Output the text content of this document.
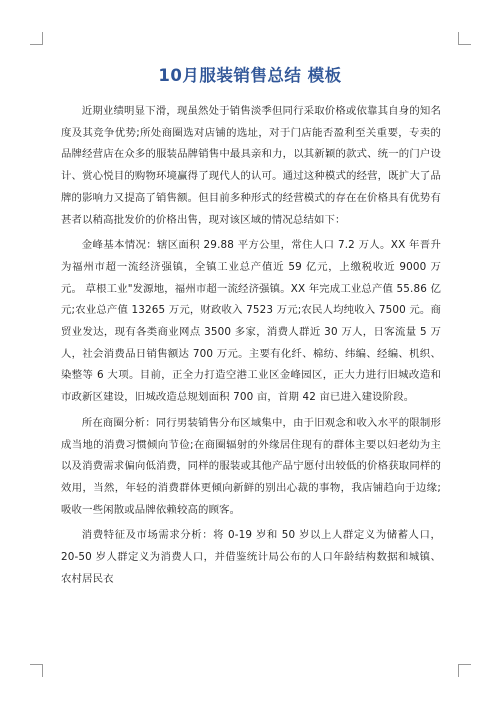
10月服装销售总结 模板

近期业绩明显下滑，现虽然处于销售淡季但同行采取价格或依靠其自身的知名度及其竞争优势;所处商圈选对店铺的选址，对于门店能否盈利至关重要，专卖的品牌经营店在众多的服装品牌销售中最具亲和力，以其新颖的款式、统一的门户设计、赏心悦目的购物环境赢得了现代人的认可。通过这种模式的经营，既扩大了品牌的影响力又提高了销售额。但目前多种形式的经营模式的存在在价格具有优势有甚者以稍高批发价的价格出售，现对该区域的情况总结如下：

金峰基本情况：辖区面积 29.88 平方公里，常住人口 7.2 万人。XX 年晋升为福州市超一流经济强镇，全镇工业总产值近 59 亿元，上缴税收近 9000 万元。 草根工业"发源地，福州市超一流经济强镇。XX 年完成工业总产值 55.86 亿元;农业总产值 13265 万元，财政收入 7523 万元;农民人均纯收入 7500 元。商贸业发达，现有各类商业网点 3500 多家，消费人群近 30 万人，日客流量 5 万人，社会消费品日销售额达 700 万元。主要有化纤、棉纺、纬编、经编、机织、染整等 6 大项。目前，正全力打造空港工业区金峰园区，正大力进行旧城改造和市政新区建设，旧城改造总规划面积 700 亩，首期 42 亩已进入建设阶段。

所在商圈分析：同行男装销售分布区域集中，由于旧观念和收入水平的限制形成当地的消费习惯倾向节俭;在商圈辐射的外缘居住现有的群体主要以妇老幼为主以及消费需求偏向低消费，同样的服装或其他产品宁愿付出较低的价格获取同样的效用，当然，年轻的消费群体更倾向新鲜的别出心裁的事物，我店铺趋向于边缘;吸收一些闲散或品牌依赖较高的顾客。

消费特征及市场需求分析：将 0-19 岁和 50 岁以上人群定义为储蓄人口，20-50 岁人群定义为消费人口，并借鉴统计局公布的人口年龄结构数据和城镇、农村居民衣
